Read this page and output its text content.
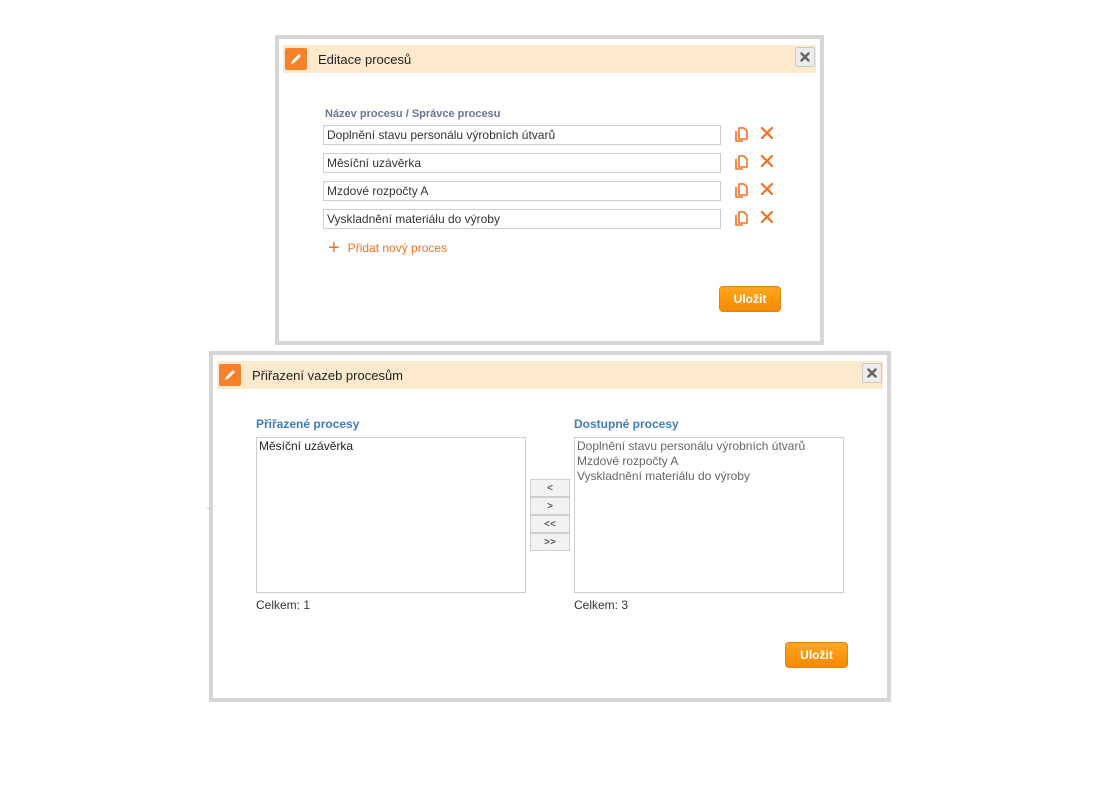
Editace procesů
Název procesu / Správce procesu
+ Přidat nový proces
Uložit
Doplnění stavu personálu výrobních útvarů
Měsíční uzávěrka
Mzdové rozpočty A
Vyskladnění materiálu do výroby
Přiřazení vazeb procesům
Přiřazené procesy	Dostupné procesy
Měsíční uzávěrka	Doplnění stavu personálu výrobních útvarů
Mzdové rozpočty A
Vyskladnění materiálu do výroby
<
>
<<
>>
Celkem: 1	Celkem: 3
Uložit
